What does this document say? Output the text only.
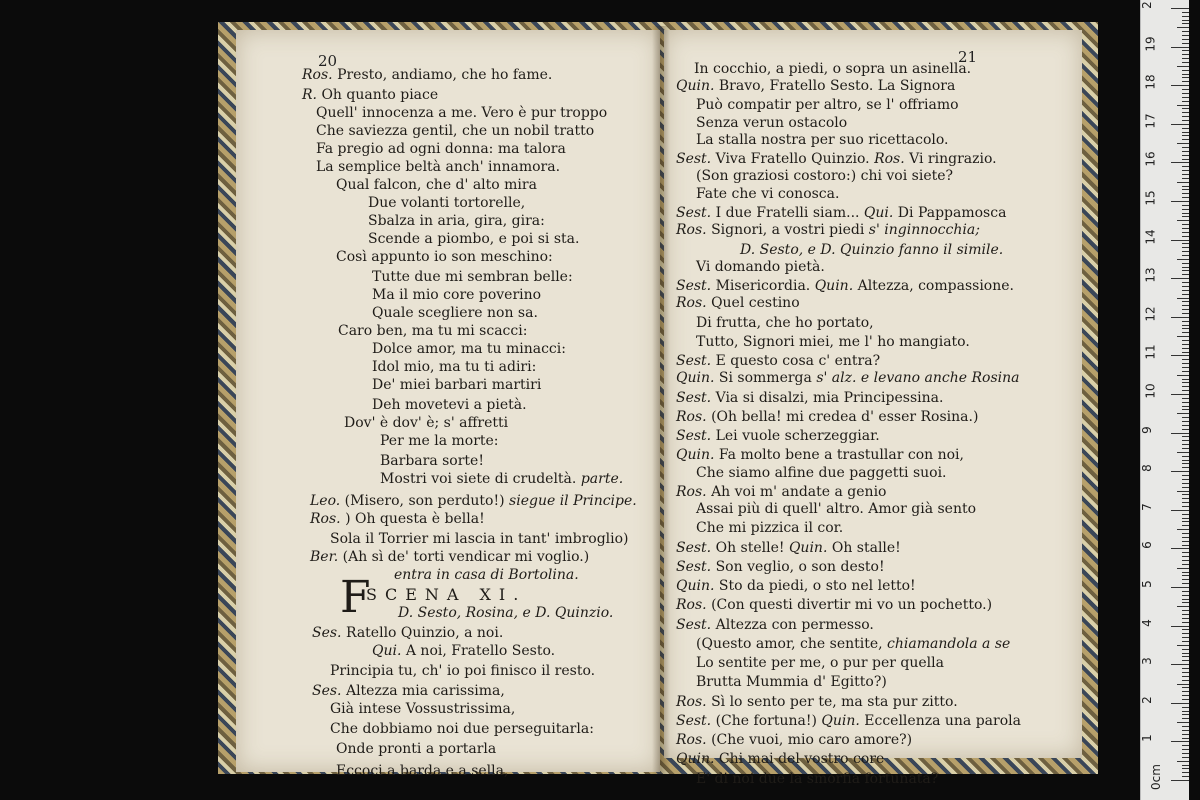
Ros. Presto, andiamo, che ho fame.
R. Oh quanto piace
Quell' innocenza a me. Vero è pur troppo
Che saviezza gentil, che un nobil tratto
Fa pregio ad ogni donna: ma talora
La semplice beltà anch' innamora.
Qual falcon, che d' alto mira
Due volanti tortorelle,
Sbalza in aria, gira, gira:
Scende a piombo, e poi si sta.
Così appunto io son meschino:
Tutte due mi sembran belle:
Ma il mio core poverino
Quale scegliere non sa.
Caro ben, ma tu mi scacci:
Dolce amor, ma tu minacci:
Idol mio, ma tu ti adiri:
De' miei barbari martiri
Deh movetevi a pietà.
Dov' è dov' è; s' affretti
Per me la morte:
Barbara sorte!
Mostri voi siete di crudeltà. parte.
Leo. (Misero, son perduto!) siegue il Principe.
Ros. ) Oh questa è bella!
Sola il Torrier mi lascia in tant' imbroglio)
Ber. (Ah sì de' torti vendicar mi voglio.)
entra in casa di Bortolina.
SCENA XI.
D. Sesto, Rosina, e D. Quinzio.
Ses. Ratello Quinzio, a noi.
Qui. A noi, Fratello Sesto.
Principia tu, ch' io poi finisco il resto.
Ses. Altezza mia carissima,
Già intese Vossustrissima,
Che dobbiamo noi due perseguitarla:
Onde pronti a portarla
Eccoci a barda e a sella,
In cocchio, a piedi, o sopra un asinella.
Quin. Bravo, Fratello Sesto. La Signora
Può compatir per altro, se l' offriamo
Senza verun ostacolo
La stalla nostra per suo ricettacolo.
Sest. Viva Fratello Quinzio. Ros. Vi ringrazio.
(Son graziosi costoro:) chi voi siete?
Fate che vi conosca.
Sest. I due Fratelli siam... Qui. Di Pappamosca
Ros. Signori, a vostri piedi s' inginnocchia;
D. Sesto, e D. Quinzio fanno il simile.
Vi domando pietà.
Sest. Misericordia. Quin. Altezza, compassione.
Ros. Quel cestino
Di frutta, che ho portato,
Tutto, Signori miei, me l' ho mangiato.
Sest. E questo cosa c' entra?
Quin. Si sommerga s' alz. e levano anche Rosina
Sest. Via si disalzi, mia Principessina.
Ros. (Oh bella! mi credea d' esser Rosina.)
Sest. Lei vuole scherzeggiar.
Quin. Fa molto bene a trastullar con noi,
Che siamo alfine due paggetti suoi.
Ros. Ah voi m' andate a genio
Assai più di quell' altro. Amor già sento
Che mi pizzica il cor.
Sest. Oh stelle! Quin. Oh stalle!
Sest. Son veglio, o son desto!
Quin. Sto da piedi, o sto nel letto!
Ros. (Con questi divertir mi vo un pochetto.)
Sest. Altezza con permesso.
(Questo amor, che sentite, chiamandola a se
Lo sentite per me, o pur per quella
Brutta Mummia d' Egitto?)
Ros. Sì lo sento per te, ma sta pur zitto.
Sest. (Che fortuna!) Quin. Eccellenza una parola
Ros. (Che vuoi, mio caro amore?)
Quin. Chi mai del vostro core
E' di noi due la smorfia fortunata?
20	21
F
0cm
1
2
3
4
5
6
7
8
9
10
11
12
13
14
15
16
17
18
19
2
